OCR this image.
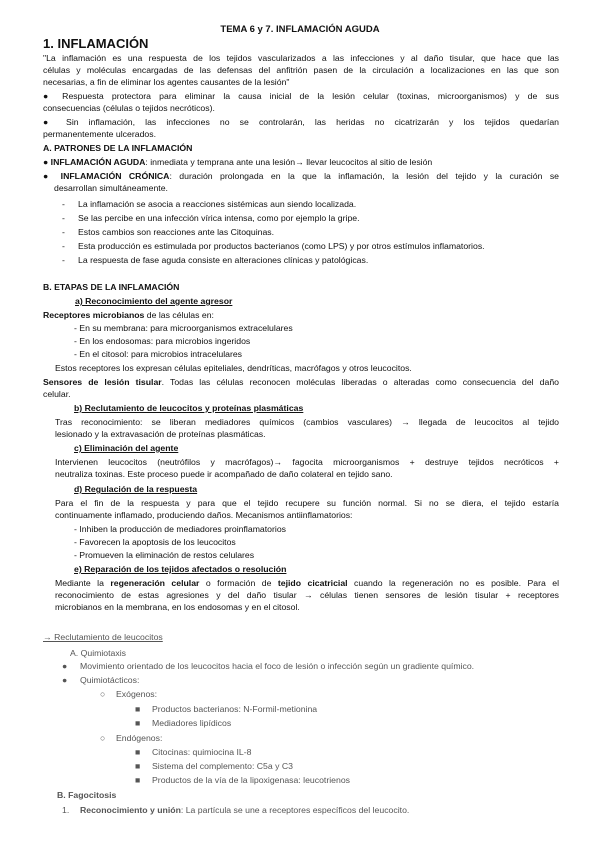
TEMA 6 y 7. INFLAMACIÓN AGUDA
1. INFLAMACIÓN
"La inflamación es una respuesta de los tejidos vascularizados a las infecciones y al daño tisular, que hace que las
células y moléculas encargadas de las defensas del anfitrión pasen de la circulación a localizaciones en las que son
necesarias, a fin de eliminar los agentes causantes de la lesión"
● Respuesta protectora para eliminar la causa inicial de la lesión celular (toxinas, microorganismos) y de sus
consecuencias (células o tejidos necróticos).
● Sin inflamación, las infecciones no se controlarán, las heridas no cicatrizarán y los tejidos quedarían
permanentemente ulcerados.
A. PATRONES DE LA INFLAMACIÓN
● INFLAMACIÓN AGUDA: inmediata y temprana ante una lesión→ llevar leucocitos al sitio de lesión
● INFLAMACIÓN CRÓNICA: duración prolongada en la que la inflamación, la lesión del tejido y la curación se
desarrollan simultáneamente.
- La inflamación se asocia a reacciones sistémicas aun siendo localizada.
- Se las percibe en una infección vírica intensa, como por ejemplo la gripe.
- Estos cambios son reacciones ante las Citoquinas.
- Esta producción es estimulada por productos bacterianos (como LPS) y por otros estímulos inflamatorios.
- La respuesta de fase aguda consiste en alteraciones clínicas y patológicas.
B. ETAPAS DE LA INFLAMACIÓN
a) Reconocimiento del agente agresor
Receptores microbianos de las células en:
- En su membrana: para microorganismos extracelulares
- En los endosomas: para microbios ingeridos
- En el citosol: para microbios intracelulares
Estos receptores los expresan células epiteliales, dendríticas, macrófagos y otros leucocitos.
Sensores de lesión tisular. Todas las células reconocen moléculas liberadas o alteradas como consecuencia del daño
celular.
b) Reclutamiento de leucocitos y proteínas plasmáticas
Tras reconocimiento: se liberan mediadores químicos (cambios vasculares) → llegada de leucocitos al tejido
lesionado y la extravasación de proteínas plasmáticas.
c) Eliminación del agente
Intervienen leucocitos (neutrófilos y macrófagos)→ fagocita microorganismos + destruye tejidos necróticos +
neutraliza toxinas. Este proceso puede ir acompañado de daño colateral en tejido sano.
d) Regulación de la respuesta
Para el fin de la respuesta y para que el tejido recupere su función normal. Si no se diera, el tejido estaría
continuamente inflamado, produciendo daños. Mecanismos antiinflamatorios:
- Inhiben la producción de mediadores proinflamatorios
- Favorecen la apoptosis de los leucocitos
- Promueven la eliminación de restos celulares
e) Reparación de los tejidos afectados o resolución
Mediante la regeneración celular o formación de tejido cicatricial cuando la regeneración no es posible. Para el
reconocimiento de estas agresiones y del daño tisular → células tienen sensores de lesión tisular + receptores
microbianos en la membrana, en los endosomas y en el citosol.
→ Reclutamiento de leucocitos
A. Quimiotaxis
● Movimiento orientado de los leucocitos hacia el foco de lesión o infección según un gradiente químico.
● Quimiotácticos:
○ Exógenos:
■ Productos bacterianos: N-Formil-metionina
■ Mediadores lipídicos
○ Endógenos:
■ Citocinas: quimiocina IL-8
■ Sistema del complemento: C5a y C3
■ Productos de la vía de la lipoxigenasa: leucotrienos
B. Fagocitosis
1. Reconocimiento y unión: La partícula se une a receptores específicos del leucocito.
